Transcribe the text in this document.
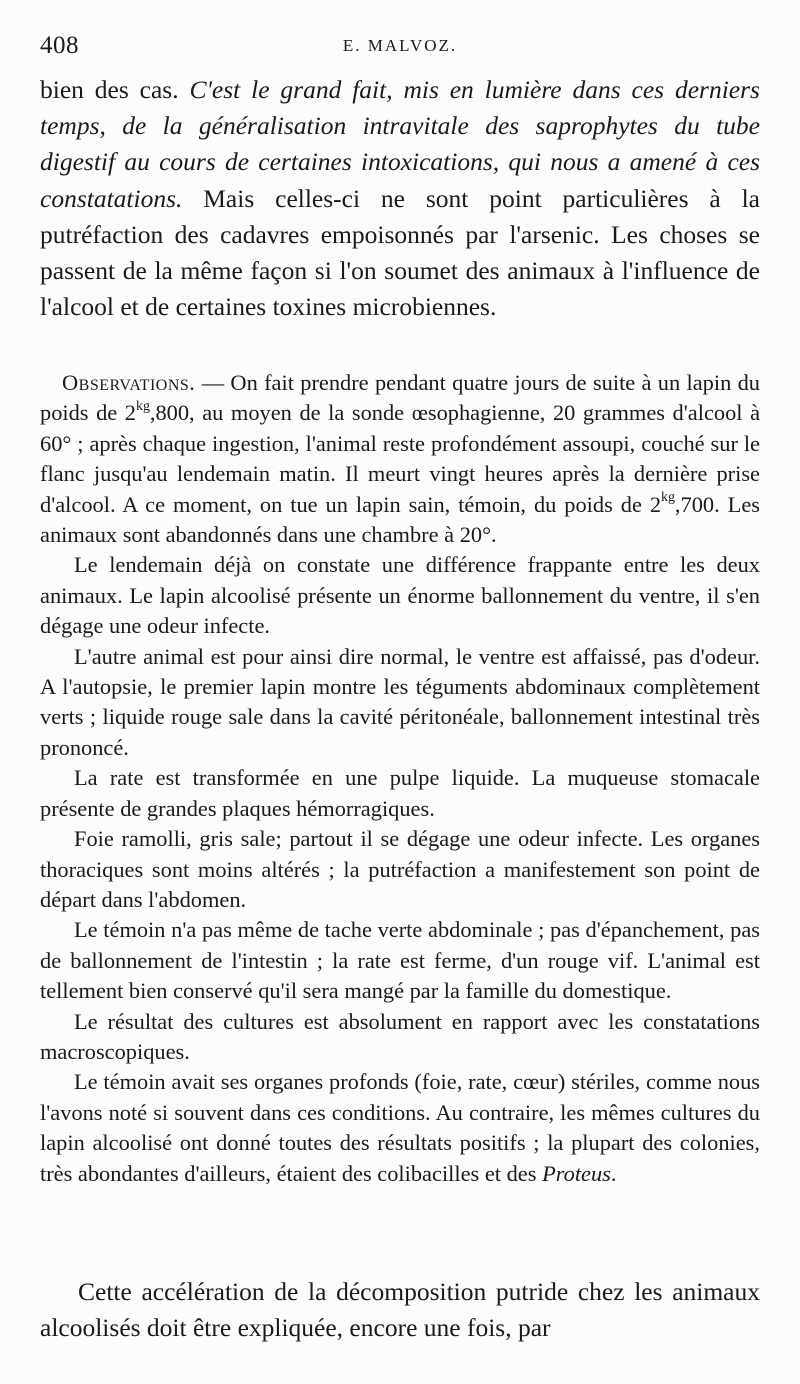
408	E. MALVOZ.

bien des cas. C'est le grand fait, mis en lumière dans ces derniers temps, de la généralisation intravitale des saprophytes du tube digestif au cours de certaines intoxications, qui nous a amené à ces constatations. Mais celles-ci ne sont point particulières à la putréfaction des cadavres empoisonnés par l'arsenic. Les choses se passent de la même façon si l'on soumet des animaux à l'influence de l'alcool et de certaines toxines microbiennes.

Observations. — On fait prendre pendant quatre jours de suite à un lapin du poids de $2^{kg},800$, au moyen de la sonde œsophagienne, 20 grammes d'alcool à 60° ; après chaque ingestion, l'animal reste profondément assoupi, couché sur le flanc jusqu'au lendemain matin. Il meurt vingt heures après la dernière prise d'alcool. A ce moment, on tue un lapin sain, témoin, du poids de $2^{kg},700$. Les animaux sont abandonnés dans une chambre à 20°.

Le lendemain déjà on constate une différence frappante entre les deux animaux. Le lapin alcoolisé présente un énorme ballonnement du ventre, il s'en dégage une odeur infecte.

L'autre animal est pour ainsi dire normal, le ventre est affaissé, pas d'odeur. A l'autopsie, le premier lapin montre les téguments abdominaux complètement verts ; liquide rouge sale dans la cavité péritonéale, ballonnement intestinal très prononcé.

La rate est transformée en une pulpe liquide. La muqueuse stomacale présente de grandes plaques hémorragiques.

Foie ramolli, gris sale; partout il se dégage une odeur infecte. Les organes thoraciques sont moins altérés ; la putréfaction a manifestement son point de départ dans l'abdomen.

Le témoin n'a pas même de tache verte abdominale ; pas d'épanchement, pas de ballonnement de l'intestin ; la rate est ferme, d'un rouge vif. L'animal est tellement bien conservé qu'il sera mangé par la famille du domestique.

Le résultat des cultures est absolument en rapport avec les constatations macroscopiques.

Le témoin avait ses organes profonds (foie, rate, cœur) stériles, comme nous l'avons noté si souvent dans ces conditions. Au contraire, les mêmes cultures du lapin alcoolisé ont donné toutes des résultats positifs ; la plupart des colonies, très abondantes d'ailleurs, étaient des colibacilles et des Proteus.

Cette accélération de la décomposition putride chez les animaux alcoolisés doit être expliquée, encore une fois, par
